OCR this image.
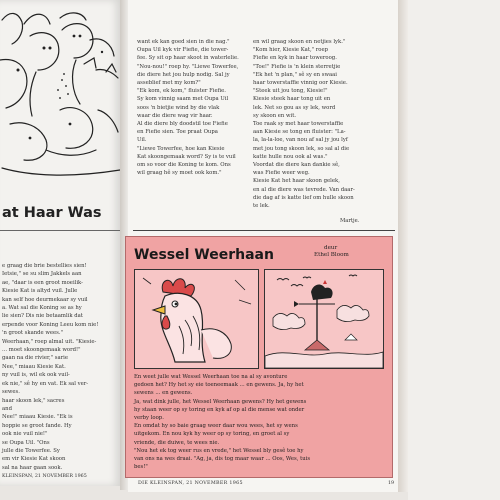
at Haar Was

e graag die brie bestellies sien!

Ietsie," se su slim Jakkels aan

ae, "daar is een groot moeilik-

Kiesie Kat is altyd vuil. Julle

kan self hoe deurmekaar sy vuil

a. Wat sal die Koning se as hy

lie sien? Dis nie betaamlik dat

erpende voor Koning Leeu kom nie!

'n groot skande wees."

Weerhaan," roep almal uit. "Kiesie-

... moet skoongemaak word!"

gaan na die rivier," sarie

Nee," miaau Kiesie Kat.

ny vuil is, wil ek ook vuil-

ek nie," sê hy en vat. Ek sal ver-

sewes.

haar skoon lek," sacres

and

Nee!" miaau Kiesie. "Ek is

hoppie se groot fande. Hy

ook nie vuil nie!"

se Oupa Uil. "Ons

julle die Towerfee. Sy

em vir Kiesie Kat skoon

sal na haar gaan sook.

KLEINSPAN, 21 NOVEMBER 1965

want ek kan goed sien in die nag."

Oupa Uil kyk vir Fiefie, die tower-

fee. Sy sit op haar skoot in waterlelie.

"Nou-nou!" roep hy. "Liewe Towerfee,

die diere het jou hulp nodig. Sal jy

asseblief met my kom?"

"Ek kom, ek kom," fluister Fiefie.

Sy kom vinnig saam met Oupa Uil

soos 'n bietjie wind by die vlak

waar die diere wag vir haar.

Al die diere bly doodstil toe Fiefie

en Fiefie sien. Toe praat Oupa

Uil.

"Liewe Towerfee, hoe kan Kiesie

Kat skoongemaak word? Sy is te vuil

om so voor die Koning te kom. Ons

wil graag hê sy moet ook kom."

en wil graag skoon en netjies lyk."

"Kom hier, Kiesie Kat," roep

Fiefie en kyk in haar toweroog.

"Toe!" Fiefie is 'n klein sterretjie

"Ek het 'n plan," sê sy en swaai

haar towerstaffie vinnig oor Kiesie.

"Steek uit jou tong, Kiesie!"

Kiesie steek haar tong uit en

lek. Net so gou as sy lek, word

sy skoon en wit.

Toe raak sy met haar towerstaffie

aan Kiesie se tong en fluister: "La-

la, la-la-loe, van nou af sal jy jou lyf

met jou tong skoon lek, so sal al die

katte hulle nou ook al was."

Voordat die diere kan dankie sê,

was Fiefie weer weg.

Kiesie Kat het haar skoon gelek,

en al die diere was tevrede. Van daar-

die dag af is katte lief om hulle skoon

te lek.

Martje.
Wessel Weerhaan	deur
Ethel Bloom

En weet julle wat Wessel Weerhaan toe na al sy avonture

gedoen het? Hy het sy eie toeneemaak ... en gewens. Ja, hy het

sewens ... en gewens.

Ja, wat dink julle, het Wessel Weerhaan gewens? Hy het gewens

hy staan weer op sy toring en kyk af op al die mense wat onder

verby loop.

En omdat hy so baie graag weer daar wou wees, het sy wens

uitgekom. En nou kyk hy weer op sy toring, en groet al sy

vriende, die duiwe, te wees nie.

"Nou het ek tog weer rus en vrede," het Wessel bly gesê toe hy

van ons na wes draai. "Ag, ja, dis tog maar waar ... Oos, Wes, tuis

bes!"

DIE KLEINSPAN, 21 NOVEMBER 1965	19
